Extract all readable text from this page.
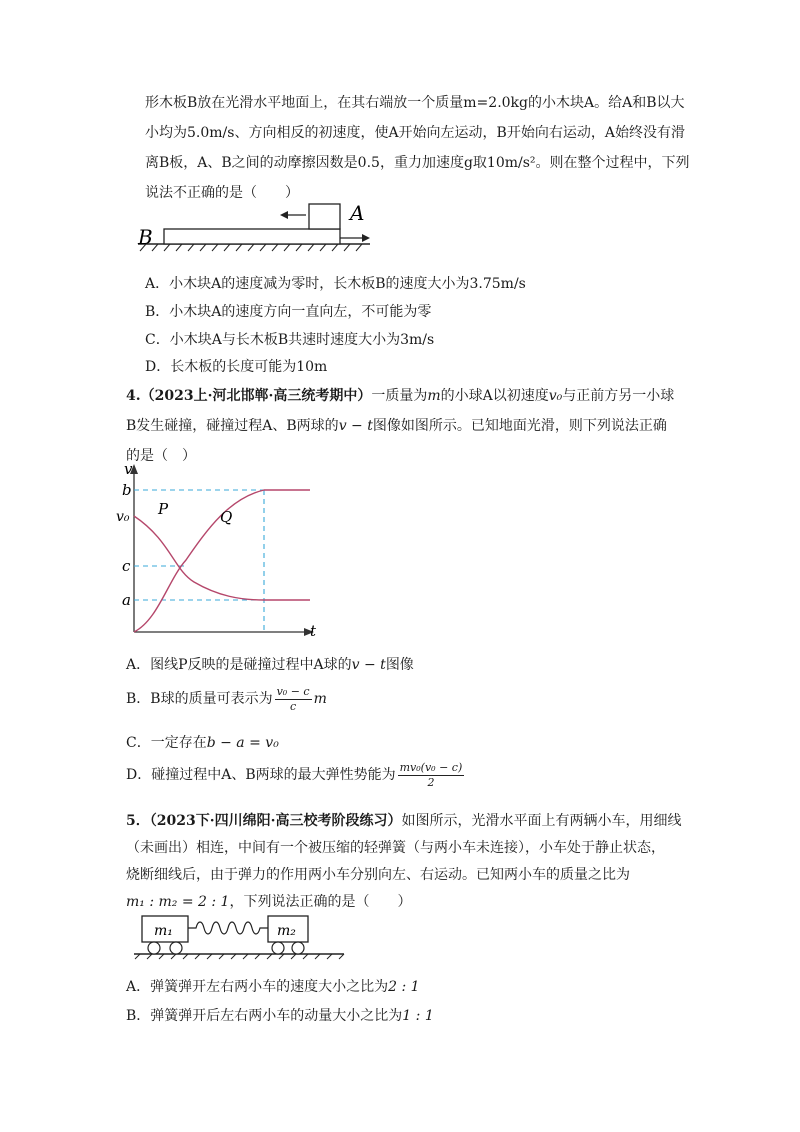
形木板B放在光滑水平地面上，在其右端放一个质量m=2.0kg的小木块A。给A和B以大
小均为5.0m/s、方向相反的初速度，使A开始向左运动，B开始向右运动，A始终没有滑
离B板，A、B之间的动摩擦因数是0.5，重力加速度g取10m/s²。则在整个过程中，下列
说法不正确的是（　　）
A
B
A．小木块A的速度减为零时，长木板B的速度大小为3.75m/s
B．小木块A的速度方向一直向左，不可能为零
C．小木块A与长木板B共速时速度大小为3m/s
D．长木板的长度可能为10m
4.（2023上·河北邯郸·高三统考期中）一质量为m的小球A以初速度v₀与正前方另一小球
B发生碰撞，碰撞过程A、B两球的v − t图像如图所示。已知地面光滑，则下列说法正确
的是（　）
v
t
b
v₀
c
a
P	Q
A．图线P反映的是碰撞过程中A球的v − t图像
B．B球的质量可表示为 $\frac{\text{v₀ − c}}{c}$ m
C．一定存在b − a = v₀
D．碰撞过程中A、B两球的最大弹性势能为 $\frac{\text{mv₀(v₀ − c)}}{2}$
5．（2023下·四川绵阳·高三校考阶段练习）如图所示，光滑水平面上有两辆小车，用细线
（未画出）相连，中间有一个被压缩的轻弹簧（与两小车未连接），小车处于静止状态，
烧断细线后，由于弹力的作用两小车分别向左、右运动。已知两小车的质量之比为
m₁ : m₂ = 2 : 1，下列说法正确的是（　　）
m₁	m₂
A．弹簧弹开左右两小车的速度大小之比为2 : 1
B．弹簧弹开后左右两小车的动量大小之比为1 : 1
